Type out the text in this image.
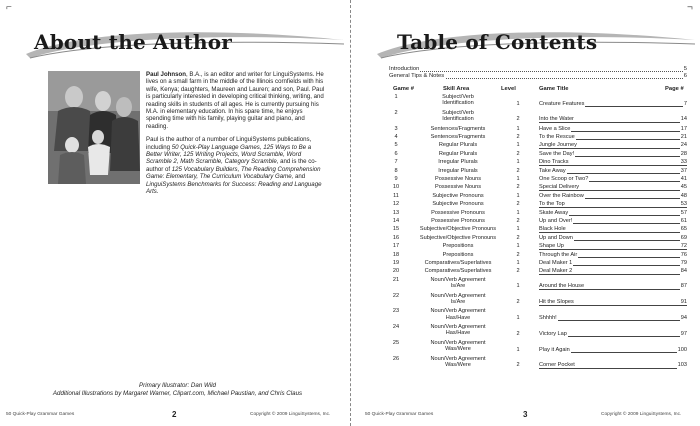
⌐
About the Author

Paul Johnson, B.A., is an editor and writer for LinguiSystems. He lives on a small farm in the middle of the Illinois cornfields with his wife, Kenya; daughters, Maureen and Lauren; and son, Paul. Paul is particularly interested in developing critical thinking, writing, and reading skills in students of all ages. He is currently pursuing his M.A. in elementary education. In his spare time, he enjoys spending time with his family, playing guitar and piano, and reading.

Paul is the author of a number of LinguiSystems publications, including 50 Quick-Play Language Games, 125 Ways to Be a Better Writer, 125 Writing Projects, Word Scramble, Word Scramble 2, Math Scramble, Category Scramble, and is the co-author of 125 Vocabulary Builders, The Reading Comprehension Game: Elementary, The Curriculum Vocabulary Game, and LinguiSystems Benchmarks for Success: Reading and Language Arts.

Primary Illustrator: Dan Wild
Additional Illustrations by Margaret Warner, Clipart.com, Michael Paustian, and Chris Claus
50 Quick-Play Grammar Games	2	Copyright © 2009 LinguiSystems, Inc.
¬
Table of Contents
Introduction	5
General Tips & Notes	6
Game #	Skill Area	Level	Game Title	Page #
1	Subject/Verb
Identification	1	Creature Features	7
2	Subject/Verb
Identification	2	Into the Water	14
3	Sentences/Fragments	1	Have a Slice	17
4	Sentences/Fragments	2	To the Rescue	21
5	Regular Plurals	1	Jungle Journey	24
6	Regular Plurals	2	Save the Day!	28
7	Irregular Plurals	1	Dino Tracks	33
8	Irregular Plurals	2	Take Away	37
9	Possessive Nouns	1	One Scoop or Two?	41
10	Possessive Nouns	2	Special Delivery	45
11	Subjective Pronouns	1	Over the Rainbow	48
12	Subjective Pronouns	2	To the Top	53
13	Possessive Pronouns	1	Skate Away	57
14	Possessive Pronouns	2	Up and Over!	61
15	Subjective/Objective Pronouns	1	Black Hole	65
16	Subjective/Objective Pronouns	2	Up and Down	69
17	Prepositions	1	Shape Up	72
18	Prepositions	2	Through the Air	76
19	Comparatives/Superlatives	1	Deal Maker 1	79
20	Comparatives/Superlatives	2	Deal Maker 2	84
21	Noun/Verb Agreement
Is/Are	1	Around the House	87
22	Noun/Verb Agreement
Is/Are	2	Hit the Slopes	91
23	Noun/Verb Agreement
Has/Have	1	Shhhh!	94
24	Noun/Verb Agreement
Has/Have	2	Victory Lap	97
25	Noun/Verb Agreement
Was/Were	1	Play it Again	100
26	Noun/Verb Agreement
Was/Were	2	Corner Pocket	103
50 Quick-Play Grammar Games	3	Copyright © 2009 LinguiSystems, Inc.
